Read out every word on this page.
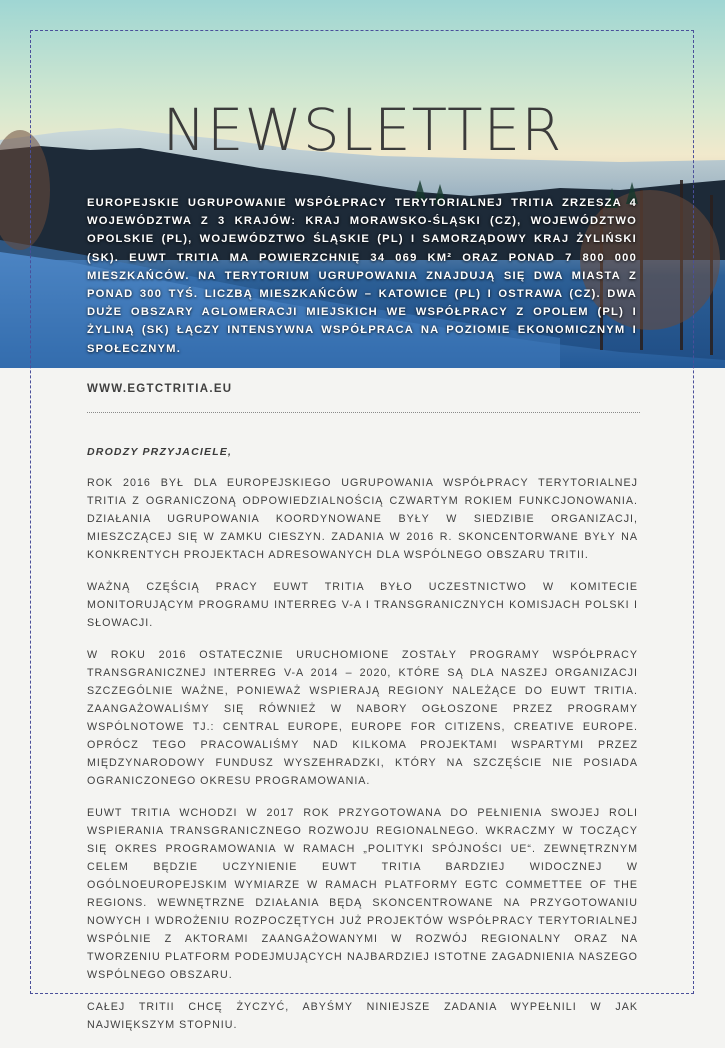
NEWSLETTER
EUROPEJSKIE UGRUPOWANIE WSPÓŁPRACY TERYTORIALNEJ TRITIA ZRZESZA 4 WOJEWÓDZTWA Z 3 KRAJÓW: KRAJ MORAWSKO-ŚLĄSKI (CZ), WOJEWÓDZTWO OPOLSKIE (PL), WOJEWÓDZTWO ŚLĄSKIE (PL) I SAMORZĄDOWY KRAJ ŻYLIŃSKI (SK). EUWT TRITIA MA POWIERZCHNIĘ 34 069 KM² ORAZ PONAD 7 800 000 MIESZKAŃCÓW. NA TERYTORIUM UGRUPOWANIA ZNAJDUJĄ SIĘ DWA MIASTA Z PONAD 300 TYŚ. LICZBĄ MIESZKAŃCÓW – KATOWICE (PL) I OSTRAWA (CZ). DWA DUŻE OBSZARY AGLOMERACJI MIEJSKICH WE WSPÓŁPRACY Z OPOLEM (PL) I ŻYLINĄ (SK) ŁĄCZY INTENSYWNA WSPÓŁPRACA NA POZIOMIE EKONOMICZNYM I SPOŁECZNYM.
WWW.EGTCTRITIA.EU
DRODZY PRZYJACIELE,

ROK 2016 BYŁ DLA EUROPEJSKIEGO UGRUPOWANIA WSPÓŁPRACY TERYTORIALNEJ TRITIA Z OGRANICZONĄ ODPOWIEDZIALNOŚCIĄ CZWARTYM ROKIEM FUNKCJONOWANIA. DZIAŁANIA UGRUPOWANIA KOORDYNOWANE BYŁY W SIEDZIBIE ORGANIZACJI, MIESZCZĄCEJ SIĘ W ZAMKU CIESZYN. ZADANIA W 2016 R. SKONCENTORWANE BYŁY NA KONKRENTYCH PROJEKTACH ADRESOWANYCH DLA WSPÓLNEGO OBSZARU TRITII.

WAŻNĄ CZĘŚCIĄ PRACY EUWT TRITIA BYŁO UCZESTNICTWO W KOMITECIE MONITORUJĄCYM PROGRAMU INTERREG V-A I TRANSGRANICZNYCH KOMISJACH POLSKI I SŁOWACJI.

W ROKU 2016 OSTATECZNIE URUCHOMIONE ZOSTAŁY PROGRAMY WSPÓŁPRACY TRANSGRANICZNEJ INTERREG V-A 2014 – 2020, KTÓRE SĄ DLA NASZEJ ORGANIZACJI SZCZEGÓLNIE WAŻNE, PONIEWAŻ WSPIERAJĄ REGIONY NALEŻĄCE DO EUWT TRITIA. ZAANGAŻOWALIŚMY SIĘ RÓWNIEŻ W NABORY OGŁOSZONE PRZEZ PROGRAMY WSPÓLNOTOWE TJ.: CENTRAL EUROPE, EUROPE FOR CITIZENS, CREATIVE EUROPE. OPRÓCZ TEGO PRACOWALIŚMY NAD KILKOMA PROJEKTAMI WSPARTYMI PRZEZ MIĘDZYNARODOWY FUNDUSZ WYSZEHRADZKI, KTÓRY NA SZCZĘŚCIE NIE POSIADA OGRANICZONEGO OKRESU PROGRAMOWANIA.

EUWT TRITIA WCHODZI W 2017 ROK PRZYGOTOWANA DO PEŁNIENIA SWOJEJ ROLI WSPIERANIA TRANSGRANICZNEGO ROZWOJU REGIONALNEGO. WKRACZMY W TOCZĄCY SIĘ OKRES PROGRAMOWANIA W RAMACH „POLITYKI SPÓJNOŚCI UE“. ZEWNĘTRZNYM CELEM BĘDZIE UCZYNIENIE EUWT TRITIA BARDZIEJ WIDOCZNEJ W OGÓLNOEUROPEJSKIM WYMIARZE W RAMACH PLATFORMY EGTC COMMETTEE OF THE REGIONS. WEWNĘTRZNE DZIAŁANIA BĘDĄ SKONCENTROWANE NA PRZYGOTOWANIU NOWYCH I WDROŻENIU ROZPOCZĘTYCH JUŻ PROJEKTÓW WSPÓŁPRACY TERYTORIALNEJ WSPÓLNIE Z AKTORAMI ZAANGAŻOWANYMI W ROZWÓJ REGIONALNY ORAZ NA TWORZENIU PLATFORM PODEJMUJĄCYCH NAJBARDZIEJ ISTOTNE ZAGADNIENIA NASZEGO WSPÓLNEGO OBSZARU.

CAŁEJ TRITII CHCĘ ŻYCZYĆ, ABYŚMY NINIEJSZE ZADANIA WYPEŁNILI W JAK NAJWIĘKSZYM STOPNIU.
